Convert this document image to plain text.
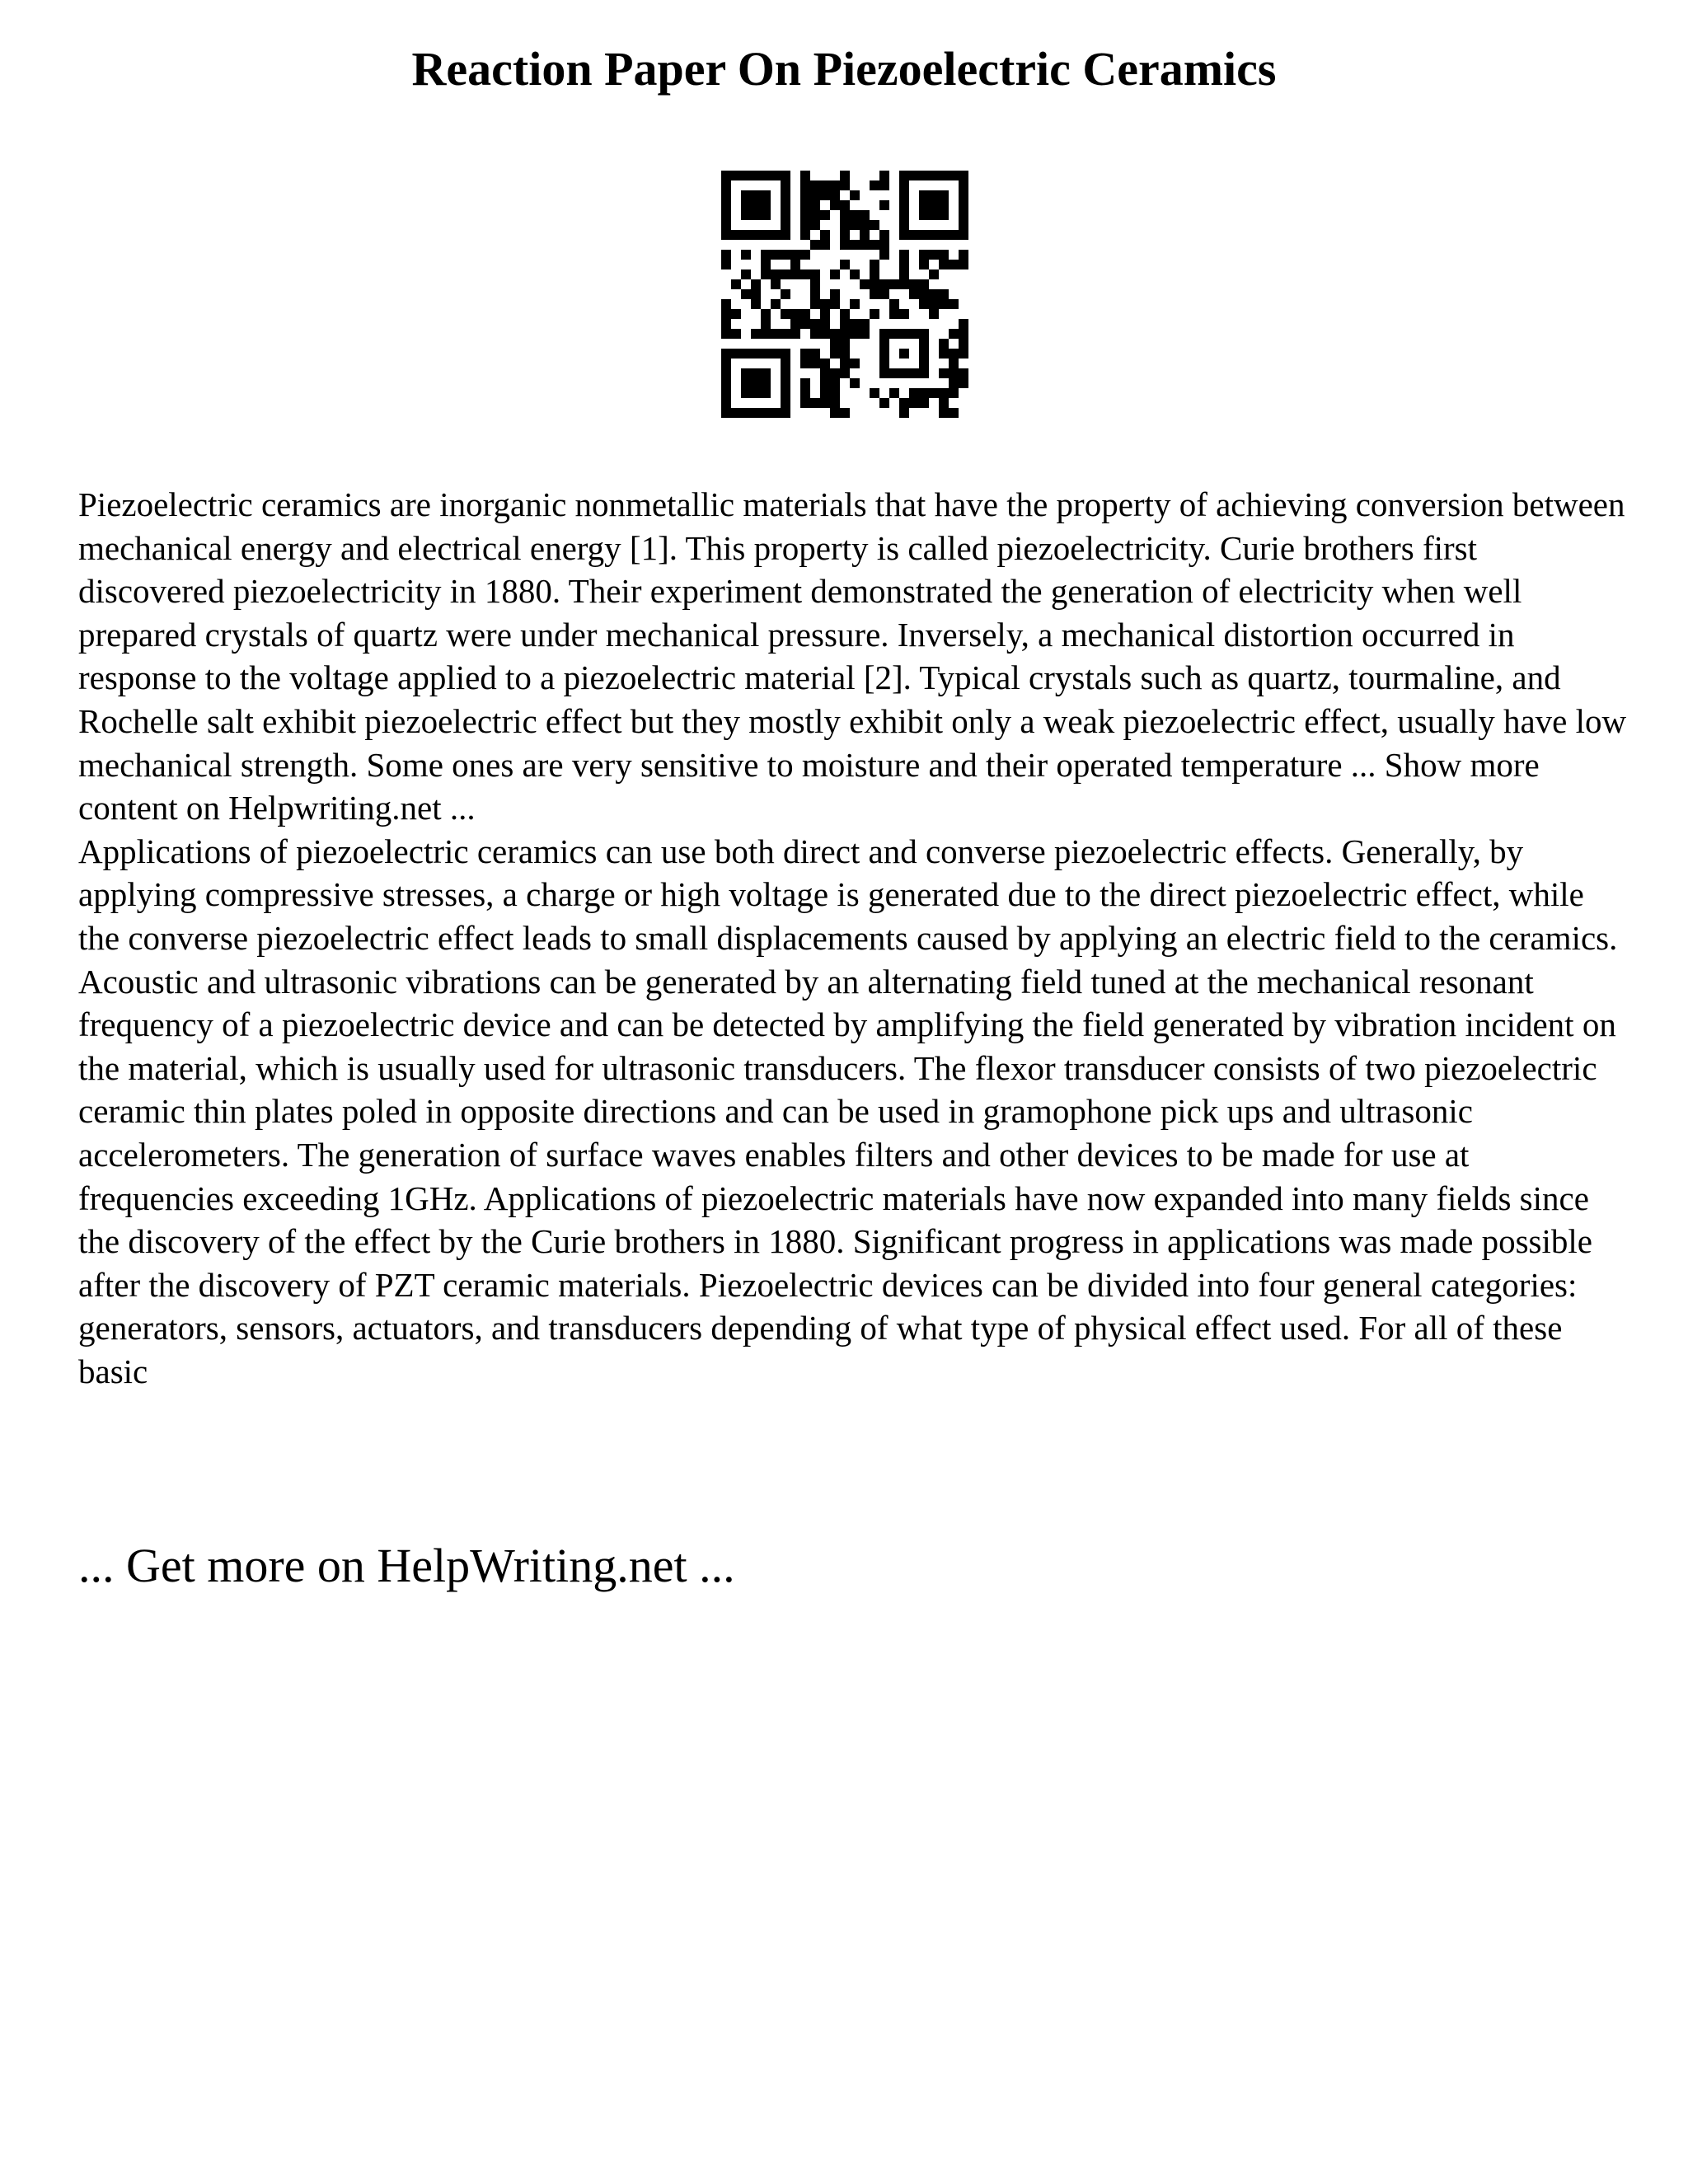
Reaction Paper On Piezoelectric Ceramics

Piezoelectric ceramics are inorganic nonmetallic materials that have the property of achieving conversion between mechanical energy and electrical energy [1]. This property is called piezoelectricity. Curie brothers first discovered piezoelectricity in 1880. Their experiment demonstrated the generation of electricity when well prepared crystals of quartz were under mechanical pressure. Inversely, a mechanical distortion occurred in response to the voltage applied to a piezoelectric material [2]. Typical crystals such as quartz, tourmaline, and Rochelle salt exhibit piezoelectric effect but they mostly exhibit only a weak piezoelectric effect, usually have low mechanical strength. Some ones are very sensitive to moisture and their operated temperature ... Show more content on Helpwriting.net ...

Applications of piezoelectric ceramics can use both direct and converse piezoelectric effects. Generally, by applying compressive stresses, a charge or high voltage is generated due to the direct piezoelectric effect, while the converse piezoelectric effect leads to small displacements caused by applying an electric field to the ceramics. Acoustic and ultrasonic vibrations can be generated by an alternating field tuned at the mechanical resonant frequency of a piezoelectric device and can be detected by amplifying the field generated by vibration incident on the material, which is usually used for ultrasonic transducers. The flexor transducer consists of two piezoelectric ceramic thin plates poled in opposite directions and can be used in gramophone pick ups and ultrasonic accelerometers. The generation of surface waves enables filters and other devices to be made for use at frequencies exceeding 1GHz. Applications of piezoelectric materials have now expanded into many fields since the discovery of the effect by the Curie brothers in 1880. Significant progress in applications was made possible after the discovery of PZT ceramic materials. Piezoelectric devices can be divided into four general categories: generators, sensors, actuators, and transducers depending of what type of physical effect used. For all of these basic

... Get more on HelpWriting.net ...
